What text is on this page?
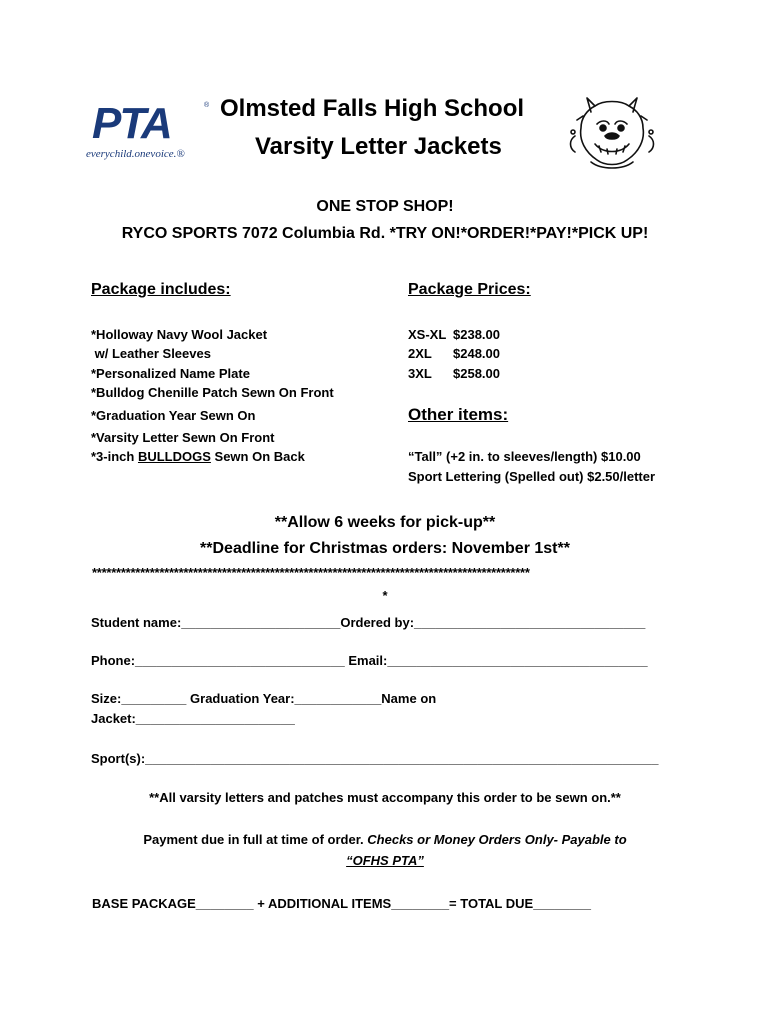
PTA	®
everychild.onevoice.®
Olmsted Falls High School
Varsity Letter Jackets
ONE STOP SHOP!
RYCO SPORTS 7072 Columbia Rd. *TRY ON!*ORDER!*PAY!*PICK UP!
Package includes:
*Holloway Navy Wool Jacket
w/ Leather Sleeves
*Personalized Name Plate
*Bulldog Chenille Patch Sewn On Front
*Graduation Year Sewn On
*Varsity Letter Sewn On Front
*3-inch BULLDOGS Sewn On Back
Package Prices:
XS-XL $238.00
2XL $248.00
3XL $258.00
Other items:
“Tall” (+2 in. to sleeves/length) $10.00
Sport Lettering (Spelled out) $2.50/letter
**Allow 6 weeks for pick-up**
**Deadline for Christmas orders: November 1st**
*******************************************************************************************
*
Student name:______________________Ordered by:________________________________
Phone:_____________________________ Email:____________________________________
Size:_________ Graduation Year:____________Name on
Jacket:______________________
Sport(s):_______________________________________________________________________
**All varsity letters and patches must accompany this order to be sewn on.**
Payment due in full at time of order. Checks or Money Orders Only- Payable to
“OFHS PTA”
BASE PACKAGE________ + ADDITIONAL ITEMS________= TOTAL DUE________
